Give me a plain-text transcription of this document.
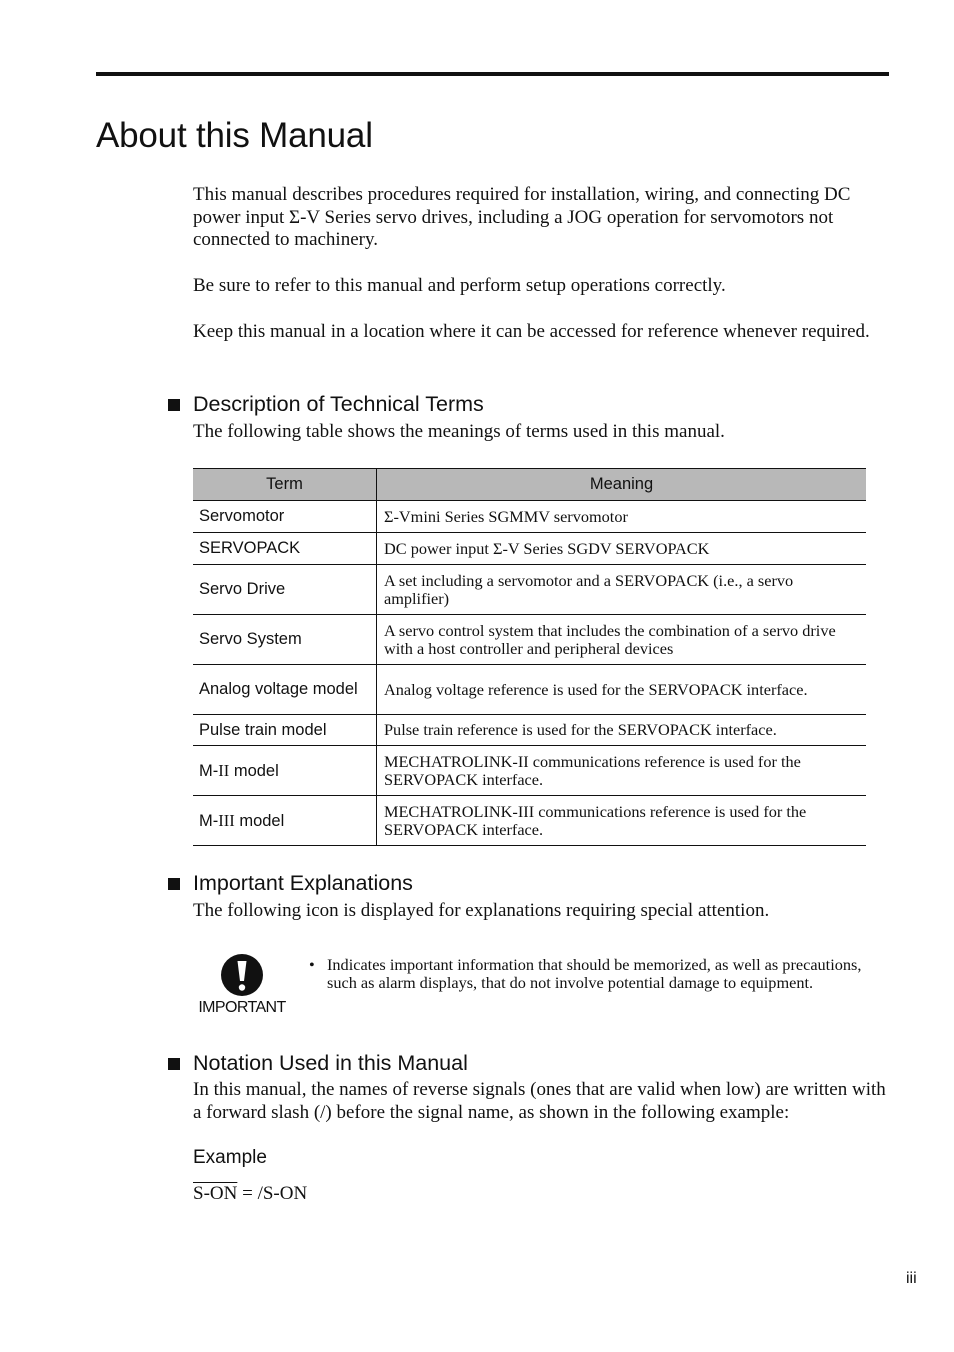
About this Manual

This manual describes procedures required for installation, wiring, and connecting DC power input Σ-V Series servo drives, including a JOG operation for servomotors not connected to machinery.

Be sure to refer to this manual and perform setup operations correctly.

Keep this manual in a location where it can be accessed for reference whenever required.

Description of Technical Terms

The following table shows the meanings of terms used in this manual.

Term	Meaning
Servomotor	Σ-Vmini Series SGMMV servomotor
SERVOPACK	DC power input Σ-V Series SGDV SERVOPACK
Servo Drive	A set including a servomotor and a SERVOPACK (i.e., a servo amplifier)
Servo System	A servo control system that includes the combination of a servo drive with a host controller and peripheral devices
Analog voltage model	Analog voltage reference is used for the SERVOPACK interface.
Pulse train model	Pulse train reference is used for the SERVOPACK interface.
M-II model	MECHATROLINK-II communications reference is used for the SERVOPACK interface.
M-III model	MECHATROLINK-III communications reference is used for the SERVOPACK interface.
Important Explanations

The following icon is displayed for explanations requiring special attention.

IMPORTANT
• Indicates important information that should be memorized, as well as precautions, such as alarm displays, that do not involve potential damage to equipment.
Notation Used in this Manual

In this manual, the names of reverse signals (ones that are valid when low) are written with a forward slash (/) before the signal name, as shown in the following example:

Example

S-ON = /S-ON

iii
